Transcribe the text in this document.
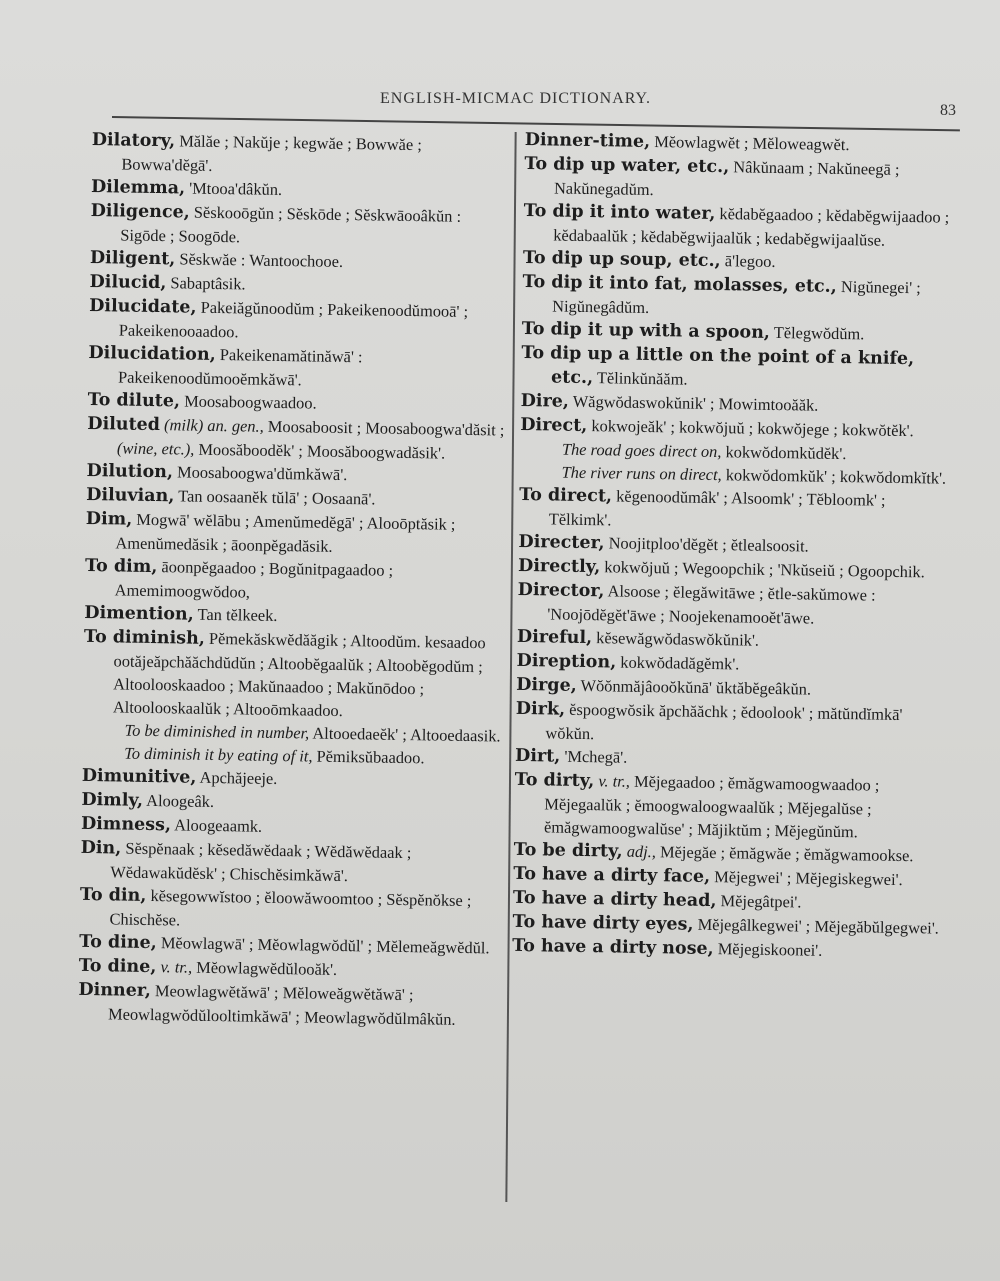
ENGLISH-MICMAC DICTIONARY.
83

Dilatory, Mălăe ; Nakŭje ; kegwăe ; Bowwăe ; Bowwa'dĕgā'.

Dilemma, 'Mtooa'dâkŭn.

Diligence, Sĕskooōgŭn ; Sĕskōde ; Sĕskwāooâkŭn : Sigōde ; Soogōde.

Diligent, Sĕskwăe : Wantoochooe.

Dilucid, Sabaptâsik.

Dilucidate, Pakeiăgŭnoodŭm ; Pakeikenoodŭmooā' ; Pakeikenooaadoo.

Dilucidation, Pakeikenamătinăwā' : Pakeikenoodŭmooĕmkăwā'.

To dilute, Moosaboogwaadoo.

Diluted (milk) an. gen., Moosaboosit ; Moosaboogwa'dăsit ; (wine, etc.), Moosăboodĕk' ; Moosăboogwadăsik'.

Dilution, Moosaboogwa'dŭmkăwā'.

Diluvian, Tan oosaanĕk tŭlā' ; Oosaanā'.

Dim, Mogwā' wĕlābu ; Amenŭmedĕgā' ; Alooōptăsik ; Amenŭmedăsik ; āoonpĕgadăsik.

To dim, āoonpĕgaadoo ; Bogŭnitpagaadoo ; Amemimoogwŏdoo,

Dimention, Tan tĕlkeek.

To diminish, Pĕmekăskwĕdăăgik ; Altoodŭm. kesaadoo ootăjeăpchăăchdŭdŭn ; Altoobĕgaalŭk ; Altoobĕgodŭm ; Altoolooskaadoo ; Makŭnaadoo ; Makŭnōdoo ; Altoolooskaalŭk ; Altooōmkaadoo.

To be diminished in number, Altooedaeĕk' ; Altooedaasik.

To diminish it by eating of it, Pĕmiksŭbaadoo.

Dimunitive, Apchăjeeje.

Dimly, Aloogeâk.

Dimness, Aloogeaamk.

Din, Sĕspĕnaak ; kĕsedăwĕdaak ; Wĕdăwĕdaak ; Wĕdawakŭdĕsk' ; Chischĕsimkăwā'.

To din, kĕsegowwĭstoo ; ĕloowăwoomtoo ; Sĕspĕnŏkse ; Chischĕse.

To dine, Mĕowlagwā' ; Mĕowlagwŏdŭl' ; Mĕlemeăgwĕdŭl.

To dine, v. tr., Mĕowlagwĕdŭlooăk'.

Dinner, Meowlagwĕtăwā' ; Mĕloweăgwĕtăwā' ; Meowlagwŏdŭlooltimkăwā' ; Meowlagwŏdŭlmâkŭn.

Dinner-time, Mĕowlagwĕt ; Mĕloweagwĕt.

To dip up water, etc., Nâkŭnaam ; Nakŭneegā ; Nakŭnegadŭm.

To dip it into water, kĕdabĕgaadoo ; kĕdabĕgwijaadoo ; kĕdabaalŭk ; kĕdabĕgwijaalŭk ; kedabĕgwijaalŭse.

To dip up soup, etc., ā'legoo.

To dip it into fat, molasses, etc., Nigŭnegei' ; Nigŭnegâdŭm.

To dip it up with a spoon, Tĕlegwŏdŭm.

To dip up a little on the point of a knife, etc., Tĕlinkŭnăăm.

Dire, Wăgwŏdaswokŭnik' ; Mowimtooăăk.

Direct, kokwojeăk' ; kokwŏjuŭ ; kokwŏjege ; kokwŏtĕk'.

The road goes direct on, kokwŏdomkŭdĕk'.

The river runs on direct, kokwŏdomkŭk' ; kokwŏdomkĭtk'.

To direct, kĕgenoodŭmâk' ; Alsoomk' ; Tĕbloomk' ; Tĕlkimk'.

Directer, Noojitploo'dĕgĕt ; ĕtlealsoosit.

Directly, kokwŏjuŭ ; Wegoopchik ; 'Nkŭseiŭ ; Ogoopchik.

Director, Alsoose ; ĕlegăwitāwe ; ĕtle-sakŭmowe : 'Noojōdĕgĕt'āwe ; Noojekenamooĕt'āwe.

Direful, kĕsewăgwŏdaswŏkŭnik'.

Direption, kokwŏdadăgĕmk'.

Dirge, Wŏŏnmăjâooŏkŭnā' ŭktăbĕgeâkŭn.

Dirk, ĕspoogwŏsik ăpchăăchk ; ĕdoolook' ; mătŭndĭmkā' wŏkŭn.

Dirt, 'Mchegā'.

To dirty, v. tr., Mĕjegaadoo ; ĕmăgwamoogwaadoo ; Mĕjegaalŭk ; ĕmoogwaloogwaalŭk ; Mĕjegalŭse ; ĕmăgwamoogwalŭse' ; Măjiktŭm ; Mĕjegŭnŭm.

To be dirty, adj., Mĕjegăe ; ĕmăgwăe ; ĕmăgwamookse.

To have a dirty face, Mĕjegwei' ; Mĕjegiskegwei'.

To have a dirty head, Mĕjegâtpei'.

To have dirty eyes, Mĕjegâlkegwei' ; Mĕjegăbŭlgegwei'.

To have a dirty nose, Mĕjegiskoonei'.
